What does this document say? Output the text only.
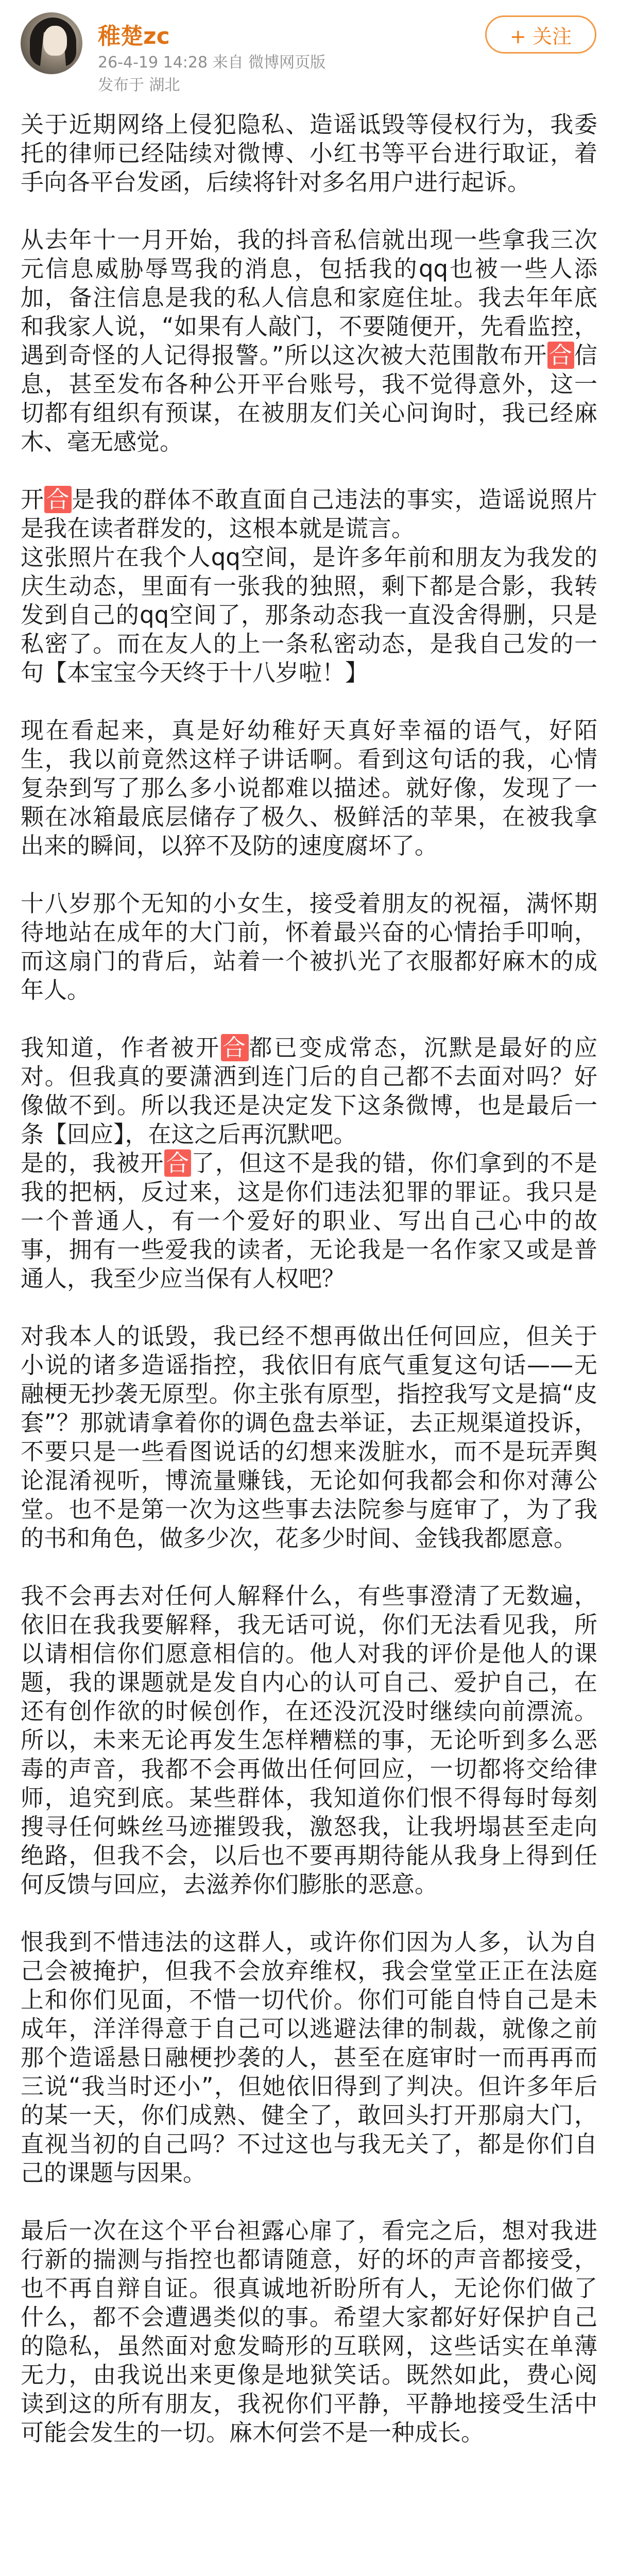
稚楚zc
26-4-19 14:28 来自 微博网页版
发布于 湖北
+ 关注

关于近期网络上侵犯隐私、造谣诋毁等侵权行为，我委托的律师已经陆续对微博、小红书等平台进行取证，着手向各平台发函，后续将针对多名用户进行起诉。

从去年十一月开始，我的抖音私信就出现一些拿我三次元信息威胁辱骂我的消息，包括我的qq也被一些人添加，备注信息是我的私人信息和家庭住址。我去年年底和我家人说，“如果有人敲门，不要随便开，先看监控，遇到奇怪的人记得报警。”所以这次被大范围散布开合信息，甚至发布各种公开平台账号，我不觉得意外，这一切都有组织有预谋，在被朋友们关心问询时，我已经麻木、毫无感觉。

开合是我的群体不敢直面自己违法的事实，造谣说照片是我在读者群发的，这根本就是谎言。
这张照片在我个人qq空间，是许多年前和朋友为我发的庆生动态，里面有一张我的独照，剩下都是合影，我转发到自己的qq空间了，那条动态我一直没舍得删，只是私密了。而在友人的上一条私密动态，是我自己发的一句【本宝宝今天终于十八岁啦！】

现在看起来，真是好幼稚好天真好幸福的语气，好陌生，我以前竟然这样子讲话啊。看到这句话的我，心情复杂到写了那么多小说都难以描述。就好像，发现了一颗在冰箱最底层储存了极久、极鲜活的苹果，在被我拿出来的瞬间，以猝不及防的速度腐坏了。

十八岁那个无知的小女生，接受着朋友的祝福，满怀期待地站在成年的大门前，怀着最兴奋的心情抬手叩响，而这扇门的背后，站着一个被扒光了衣服都好麻木的成年人。

我知道，作者被开合都已变成常态，沉默是最好的应对。但我真的要潇洒到连门后的自己都不去面对吗？好像做不到。所以我还是决定发下这条微博，也是最后一条【回应】，在这之后再沉默吧。
是的，我被开合了，但这不是我的错，你们拿到的不是我的把柄，反过来，这是你们违法犯罪的罪证。我只是一个普通人，有一个爱好的职业、写出自己心中的故事，拥有一些爱我的读者，无论我是一名作家又或是普通人，我至少应当保有人权吧？

对我本人的诋毁，我已经不想再做出任何回应，但关于小说的诸多造谣指控，我依旧有底气重复这句话——无融梗无抄袭无原型。你主张有原型，指控我写文是搞“皮套”？那就请拿着你的调色盘去举证，去正规渠道投诉，不要只是一些看图说话的幻想来泼脏水，而不是玩弄舆论混淆视听，博流量赚钱，无论如何我都会和你对薄公堂。也不是第一次为这些事去法院参与庭审了，为了我的书和角色，做多少次，花多少时间、金钱我都愿意。

我不会再去对任何人解释什么，有些事澄清了无数遍，依旧在我我要解释，我无话可说，你们无法看见我，所以请相信你们愿意相信的。他人对我的评价是他人的课题，我的课题就是发自内心的认可自己、爱护自己，在还有创作欲的时候创作，在还没沉没时继续向前漂流。所以，未来无论再发生怎样糟糕的事，无论听到多么恶毒的声音，我都不会再做出任何回应，一切都将交给律师，追究到底。某些群体，我知道你们恨不得每时每刻搜寻任何蛛丝马迹摧毁我，激怒我，让我坍塌甚至走向绝路，但我不会，以后也不要再期待能从我身上得到任何反馈与回应，去滋养你们膨胀的恶意。

恨我到不惜违法的这群人，或许你们因为人多，认为自己会被掩护，但我不会放弃维权，我会堂堂正正在法庭上和你们见面，不惜一切代价。你们可能自恃自己是未成年，洋洋得意于自己可以逃避法律的制裁，就像之前那个造谣悬日融梗抄袭的人，甚至在庭审时一而再再而三说“我当时还小”，但她依旧得到了判决。但许多年后的某一天，你们成熟、健全了，敢回头打开那扇大门，直视当初的自己吗？不过这也与我无关了，都是你们自己的课题与因果。

最后一次在这个平台袒露心扉了，看完之后，想对我进行新的揣测与指控也都请随意，好的坏的声音都接受，也不再自辩自证。很真诚地祈盼所有人，无论你们做了什么，都不会遭遇类似的事。希望大家都好好保护自己的隐私，虽然面对愈发畸形的互联网，这些话实在单薄无力，由我说出来更像是地狱笑话。既然如此，费心阅读到这的所有朋友，我祝你们平静，平静地接受生活中可能会发生的一切。麻木何尝不是一种成长。
